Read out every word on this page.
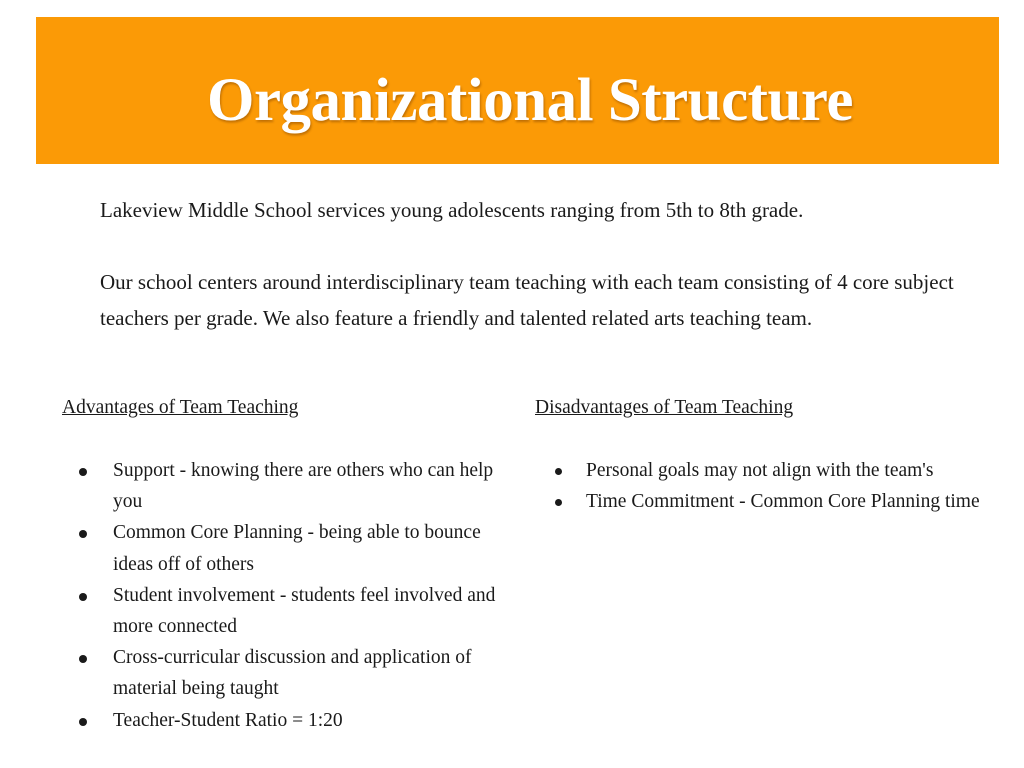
Organizational Structure

Lakeview Middle School services young adolescents ranging from 5th to 8th grade.

Our school centers around interdisciplinary team teaching with each team consisting of 4 core subject teachers per grade. We also feature a friendly and talented related arts teaching team.

Advantages of Team Teaching
Support - knowing there are others who can help you
Common Core Planning - being able to bounce ideas off of others
Student involvement - students feel involved and more connected
Cross-curricular discussion and application of material being taught
Teacher-Student Ratio = 1:20
Disadvantages of Team Teaching
Personal goals may not align with the team's
Time Commitment - Common Core Planning time
